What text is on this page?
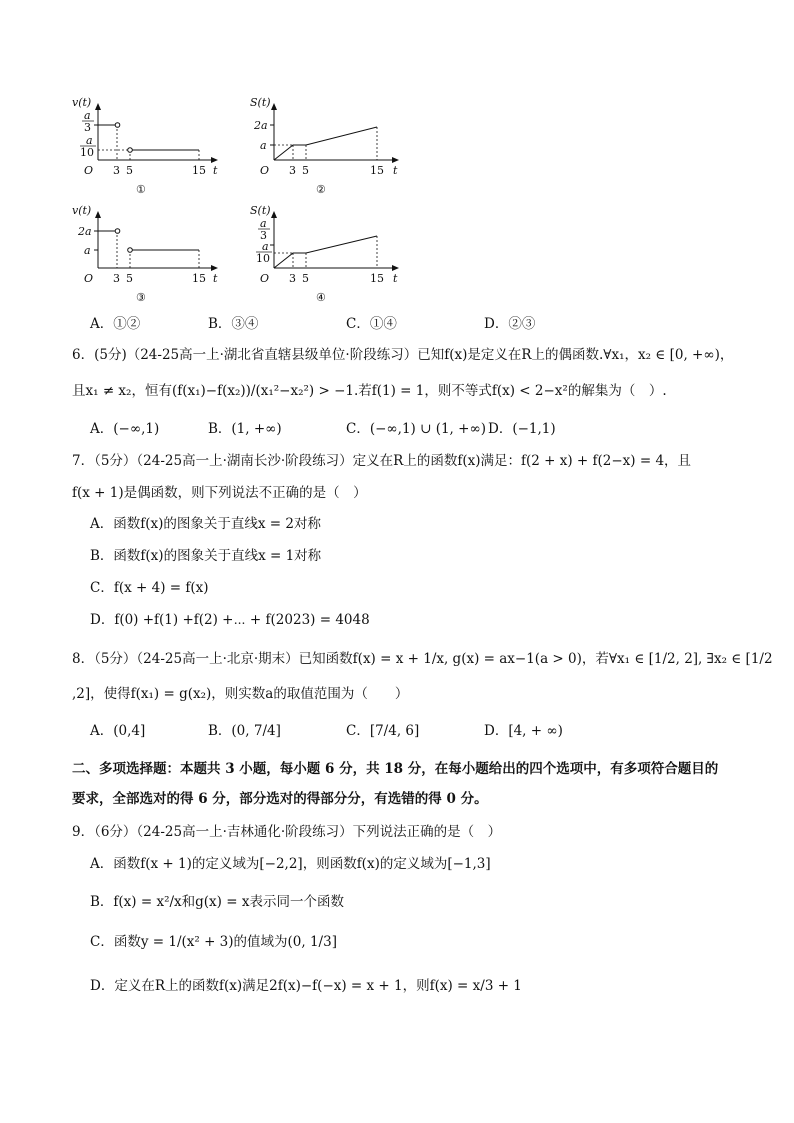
v(t)
a
3
a
10
O 3 5	15 t
①
S(t)
2a
a
O 3 5	15 t
②
v(t)
2a
a
O 3 5	15 t
③
S(t)
a
3
a
10
O 3 5	15 t
④
A．①②	B．③④	C．①④	D．②③
6．(5分)（24-25高一上·湖北省直辖县级单位·阶段练习）已知f(x)是定义在R上的偶函数.∀x₁，x₂ ∈ [0, +∞)，
且x₁ ≠ x₂，恒有(f(x₁)−f(x₂))/(x₁²−x₂²) > −1.若f(1) = 1，则不等式f(x) < 2−x²的解集为（　）.
A．(−∞,1)	B．(1, +∞)	C．(−∞,1) ∪ (1, +∞) D．(−1,1)
7．（5分）（24-25高一上·湖南长沙·阶段练习）定义在R上的函数f(x)满足：f(2 + x) + f(2−x) = 4，且
f(x + 1)是偶函数，则下列说法不正确的是（　）
A．函数f(x)的图象关于直线x = 2对称
B．函数f(x)的图象关于直线x = 1对称
C．f(x + 4) = f(x)
D．f(0) +f(1) +f(2) +⋯ + f(2023) = 4048
8．（5分）（24-25高一上·北京·期末）已知函数f(x) = x + 1/x, g(x) = ax−1(a > 0)，若∀x₁ ∈ [1/2, 2], ∃x₂ ∈ [1/2
,2]，使得f(x₁) = g(x₂)，则实数a的取值范围为（　　）
A．(0,4]	B．(0, 7/4]	C．[7/4, 6]	D．[4, + ∞)
二、多项选择题：本题共 3 小题，每小题 6 分，共 18 分，在每小题给出的四个选项中，有多项符合题目的
要求，全部选对的得 6 分，部分选对的得部分分，有选错的得 0 分。
9．（6分）（24-25高一上·吉林通化·阶段练习）下列说法正确的是（　）
A．函数f(x + 1)的定义域为[−2,2]，则函数f(x)的定义域为[−1,3]
B．f(x) = x²/x和g(x) = x表示同一个函数
C．函数y = 1/(x² + 3)的值域为(0, 1/3]
D．定义在R上的函数f(x)满足2f(x)−f(−x) = x + 1，则f(x) = x/3 + 1
